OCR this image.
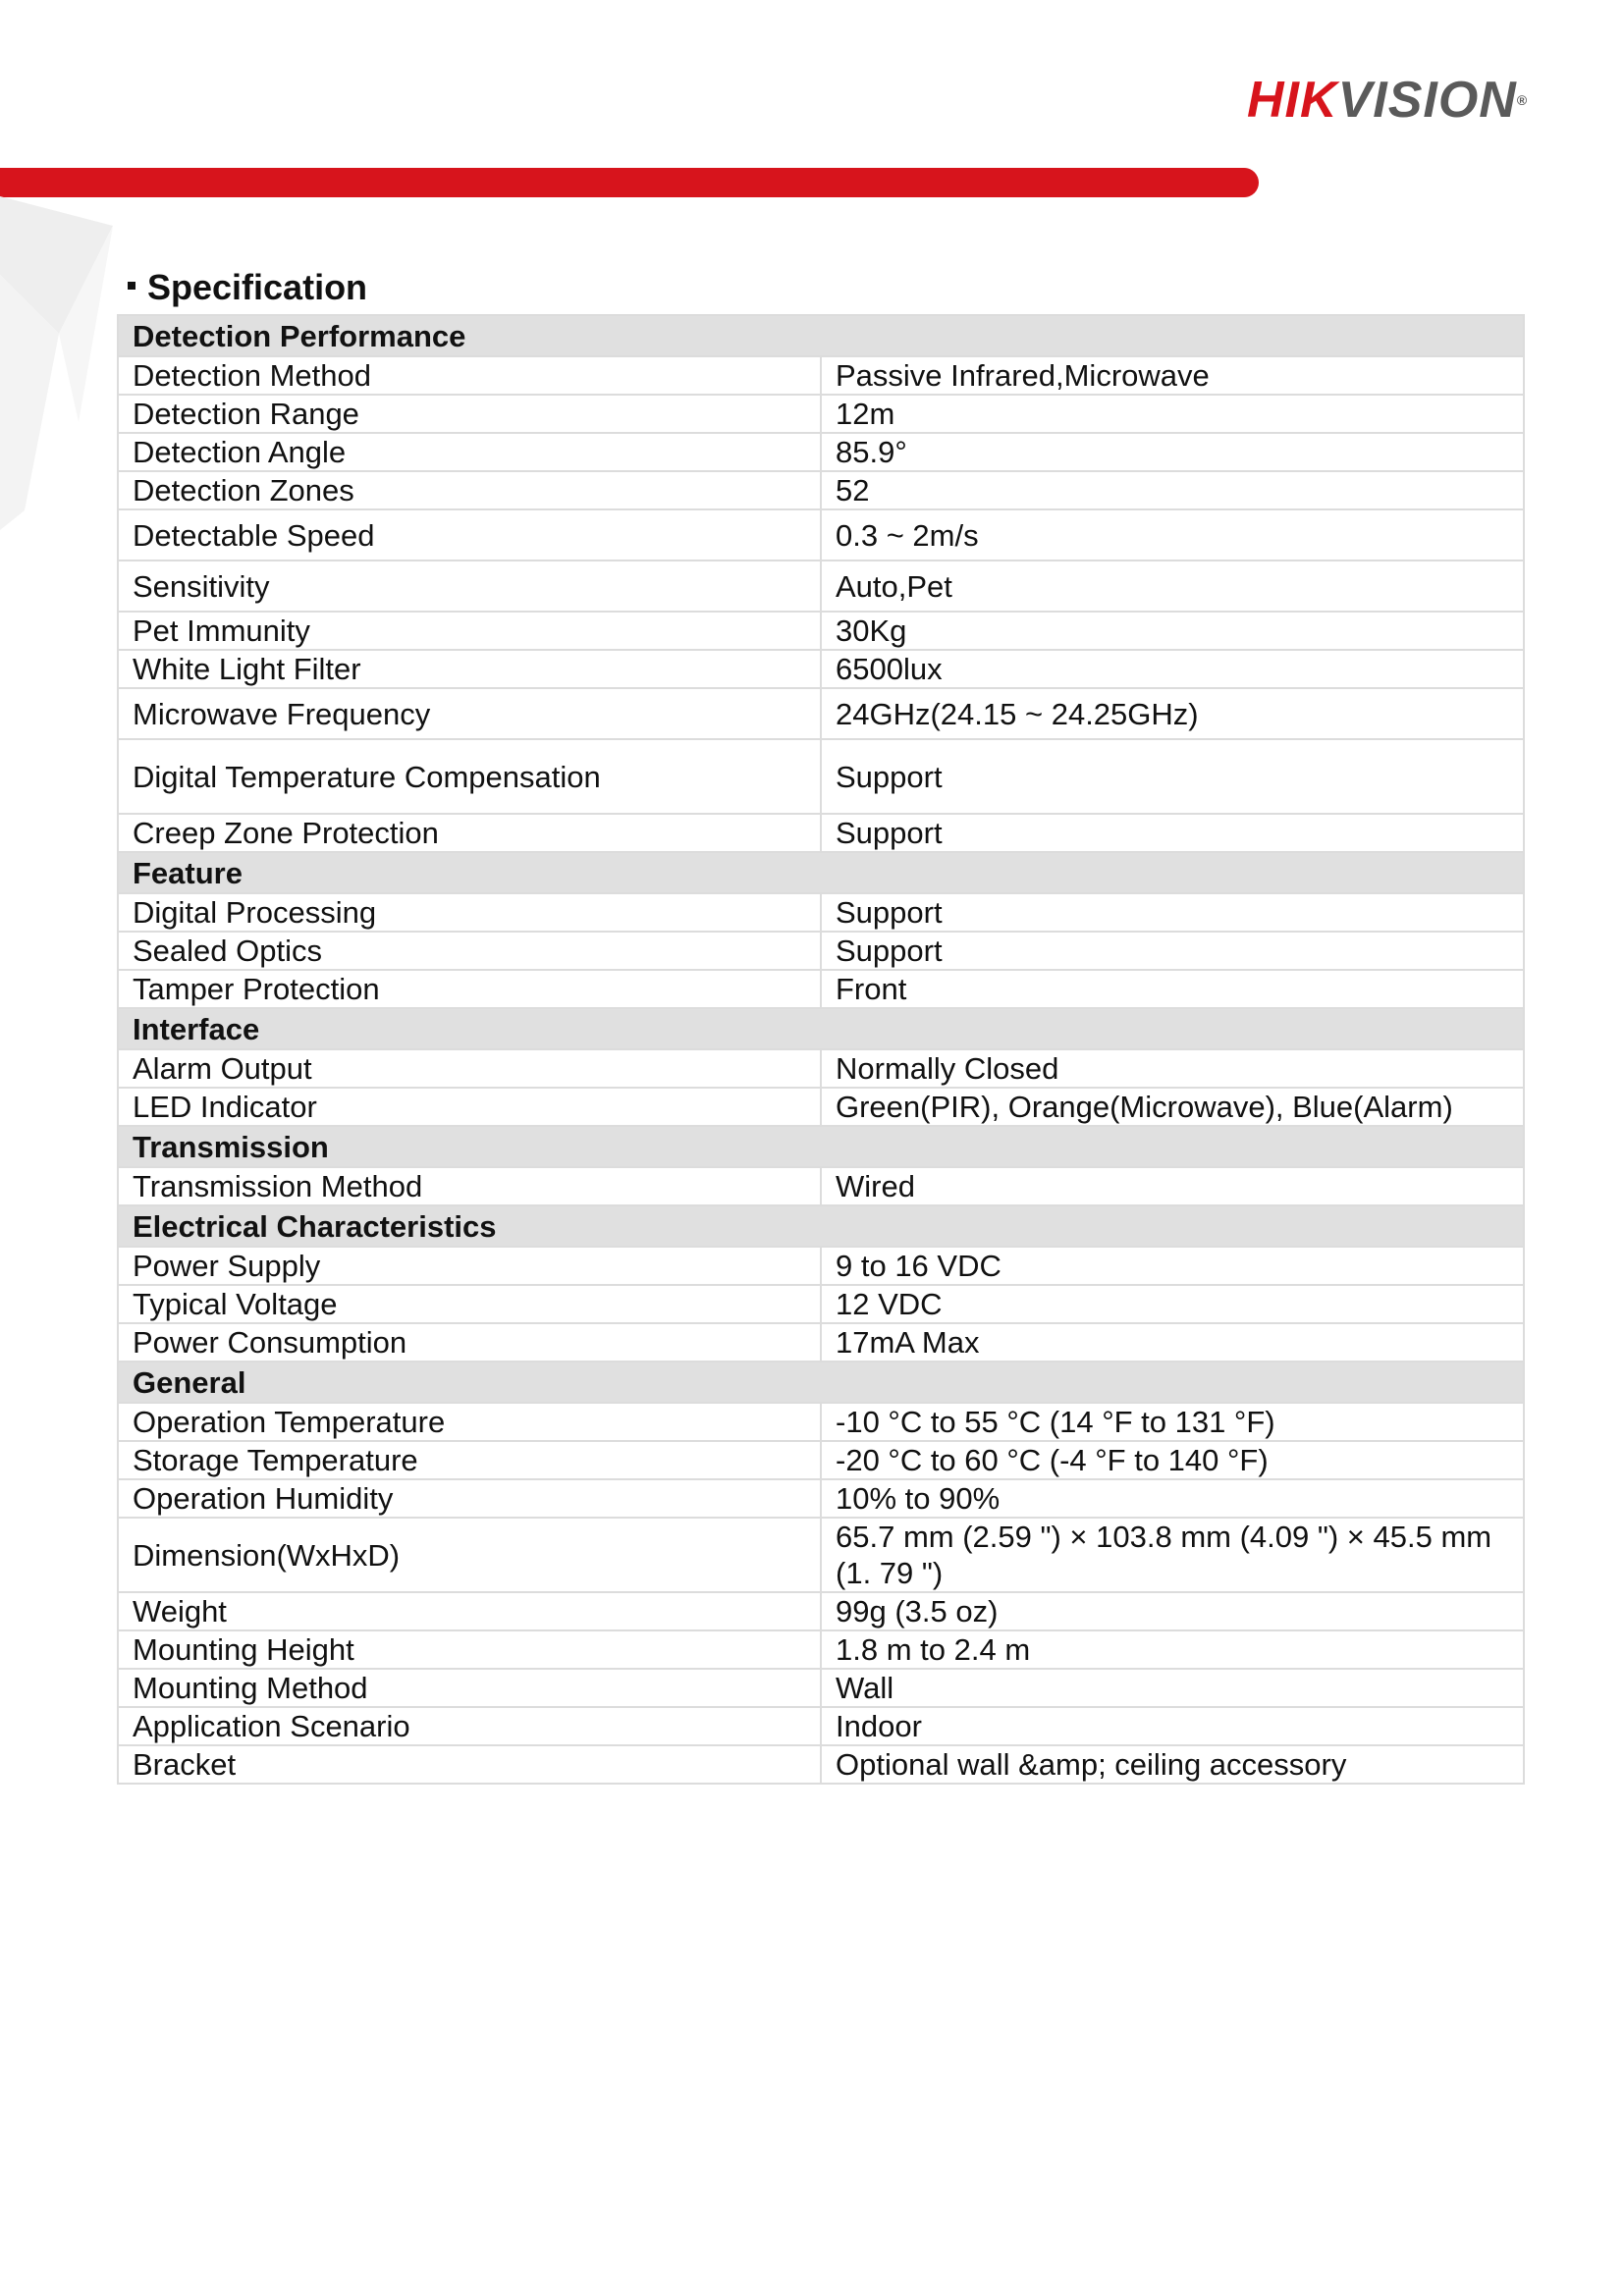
HIKVISION®
Specification
Detection Performance	
Detection Method	Passive Infrared,Microwave
Detection Range	12m
Detection Angle	85.9°
Detection Zones	52
Detectable Speed	0.3 ~ 2m/s
Sensitivity	Auto,Pet
Pet Immunity	30Kg
White Light Filter	6500lux
Microwave Frequency	24GHz(24.15 ~ 24.25GHz)
Digital Temperature Compensation	Support
Creep Zone Protection	Support
Feature	
Digital Processing	Support
Sealed Optics	Support
Tamper Protection	Front
Interface	
Alarm Output	Normally Closed
LED Indicator	Green(PIR), Orange(Microwave), Blue(Alarm)
Transmission	
Transmission Method	Wired
Electrical Characteristics	
Power Supply	9 to 16 VDC
Typical Voltage	12 VDC
Power Consumption	17mA Max
General	
Operation Temperature	-10 °C to 55 °C (14 °F to 131 °F)
Storage Temperature	-20 °C to 60 °C (-4 °F to 140 °F)
Operation Humidity	10% to 90%
Dimension(WxHxD)	65.7 mm (2.59 ") × 103.8 mm (4.09 ") × 45.5 mm (1. 79 ")
Weight	99g (3.5 oz)
Mounting Height	1.8 m to 2.4 m
Mounting Method	Wall
Application Scenario	Indoor
Bracket	Optional wall &amp; ceiling accessory
